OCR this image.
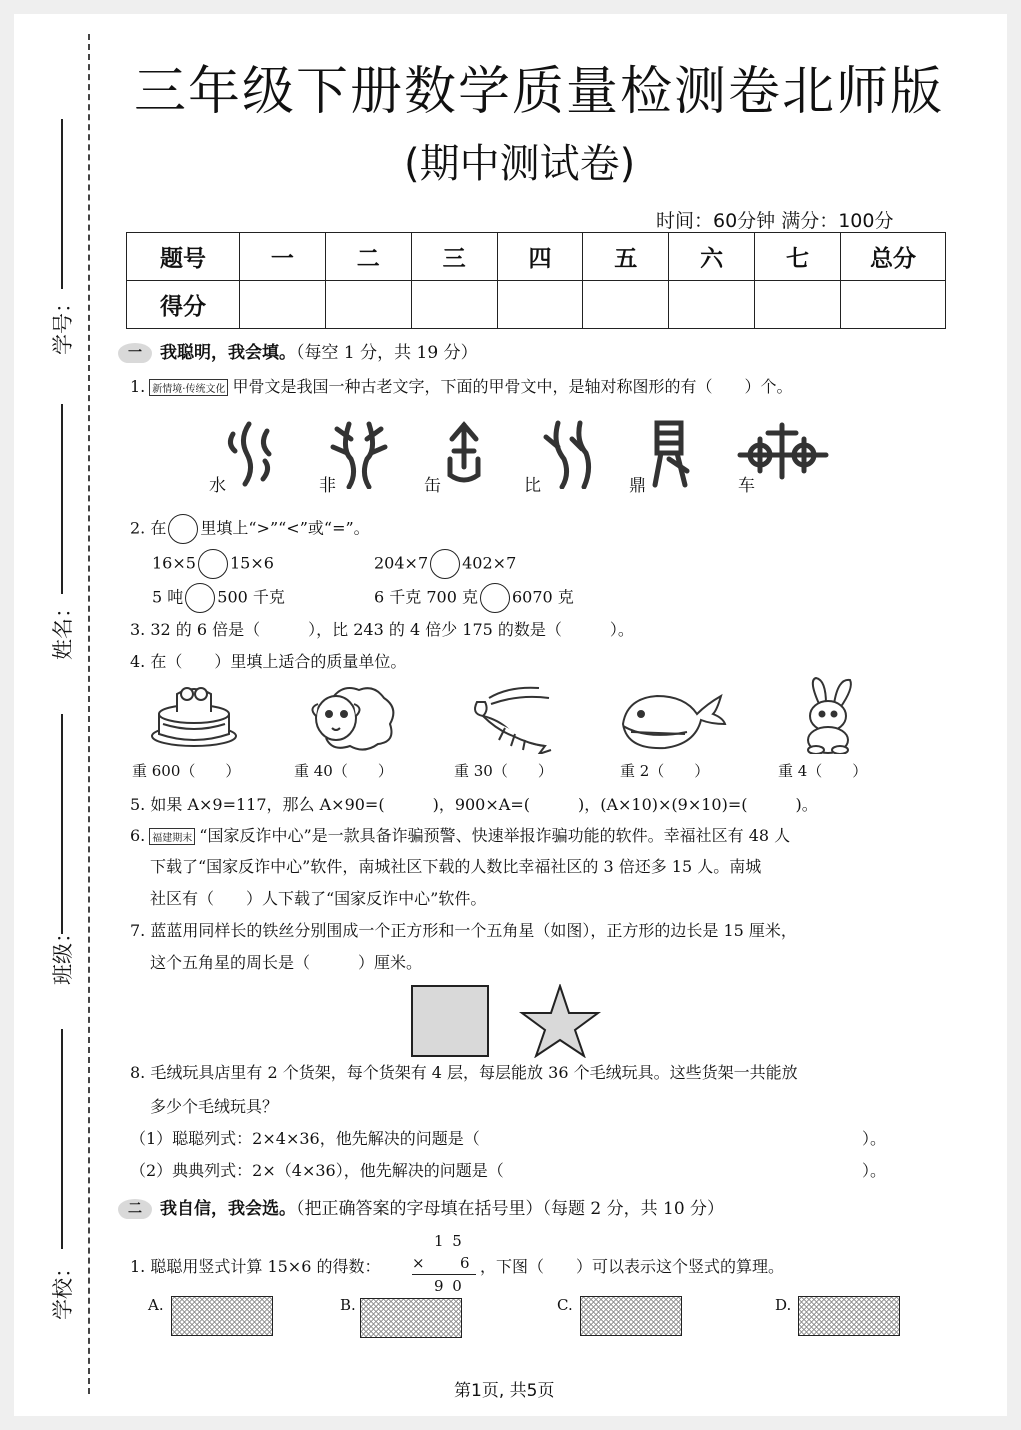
学号：
姓名：
班级：
学校：
三年级下册数学质量检测卷北师版
(期中测试卷)
时间：60分钟 满分：100分
题号	一	二	三	四	五	六	七	总分
得分								
一 我聪明，我会填。（每空 1 分，共 19 分）
1. 新情境·传统文化 甲骨文是我国一种古老文字，下面的甲骨文中，是轴对称图形的有（　　）个。
水	非	缶	比	鼎	车
2. 在 里填上“>”“<”或“=”。
16×5 15×6	204×7 402×7
5 吨 500 千克	6 千克 700 克 6070 克
3. 32 的 6 倍是（　　　），比 243 的 4 倍少 175 的数是（　　　）。
4. 在（　　）里填上适合的质量单位。
重 600（　　）	重 40（　　）	重 30（　　）	重 2（　　）	重 4（　　）
5. 如果 A×9=117，那么 A×90=(　　　)，900×A=(　　　)，(A×10)×(9×10)=(　　　)。
6. 福建期末 “国家反诈中心”是一款具备诈骗预警、快速举报诈骗功能的软件。幸福社区有 48 人
下载了“国家反诈中心”软件，南城社区下载的人数比幸福社区的 3 倍还多 15 人。南城
社区有（　　）人下载了“国家反诈中心”软件。
7. 蓝蓝用同样长的铁丝分别围成一个正方形和一个五角星（如图），正方形的边长是 15 厘米，
这个五角星的周长是（　　　）厘米。
8. 毛绒玩具店里有 2 个货架，每个货架有 4 层，每层能放 36 个毛绒玩具。这些货架一共能放
多少个毛绒玩具？
（1）聪聪列式：2×4×36，他先解决的问题是（	）。
（2）典典列式：2×（4×36），他先解决的问题是（	）。
二 我自信，我会选。（把正确答案的字母填在括号里）（每题 2 分，共 10 分）
1. 聪聪用竖式计算 15×6 的得数：
1 5
× 6
9 0
，下图（　　）可以表示这个竖式的算理。
A.	B.	C.	D.
第1页, 共5页
